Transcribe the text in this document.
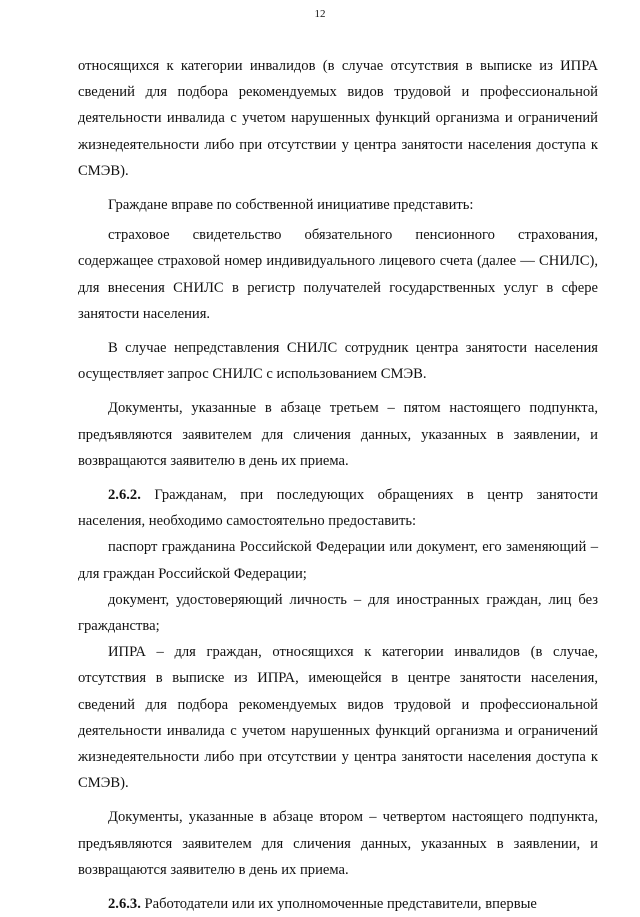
12

относящихся к категории инвалидов (в случае отсутствия в выписке из ИПРА сведений для подбора рекомендуемых видов трудовой и профессиональной деятельности инвалида с учетом нарушенных функций организма и ограничений жизнедеятельности либо при отсутствии у центра занятости населения доступа к СМЭВ).

Граждане вправе по собственной инициативе представить:

страховое свидетельство обязательного пенсионного страхования, содержащее страховой номер индивидуального лицевого счета (далее — СНИЛС), для внесения СНИЛС в регистр получателей государственных услуг в сфере занятости населения.

В случае непредставления СНИЛС сотрудник центра занятости населения осуществляет запрос СНИЛС с использованием СМЭВ.

Документы, указанные в абзаце третьем – пятом настоящего подпункта, предъявляются заявителем для сличения данных, указанных в заявлении, и возвращаются заявителю в день их приема.

2.6.2. Гражданам, при последующих обращениях в центр занятости населения, необходимо самостоятельно предоставить:

паспорт гражданина Российской Федерации или документ, его заменяющий – для граждан Российской Федерации;

документ, удостоверяющий личность – для иностранных граждан, лиц без гражданства;

ИПРА – для граждан, относящихся к категории инвалидов (в случае, отсутствия в выписке из ИПРА, имеющейся в центре занятости населения, сведений для подбора рекомендуемых видов трудовой и профессиональной деятельности инвалида с учетом нарушенных функций организма и ограничений жизнедеятельности либо при отсутствии у центра занятости населения доступа к СМЭВ).

Документы, указанные в абзаце втором – четвертом настоящего подпункта, предъявляются заявителем для сличения данных, указанных в заявлении, и возвращаются заявителю в день их приема.

2.6.3. Работодатели или их уполномоченные представители, впервые
